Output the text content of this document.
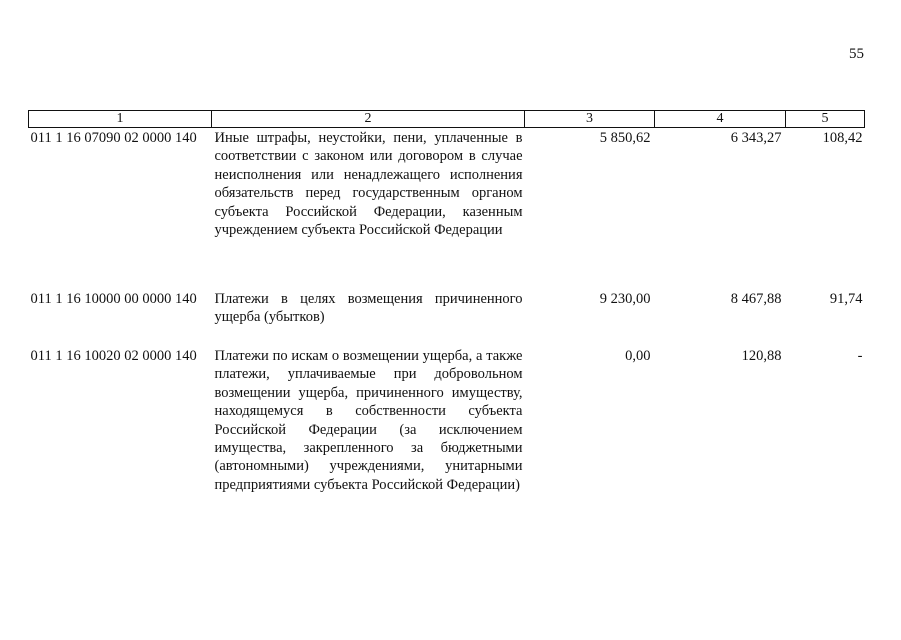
55
1	2	3	4	5
011 1 16 07090 02 0000 140	Иные штрафы, неустойки, пени, уплаченные в соответствии с законом или договором в случае неисполнения или ненадлежащего исполнения обязательств перед государственным органом субъекта Российской Федерации, казенным учреждением субъекта Российской Федерации	5 850,62	6 343,27	108,42
011 1 16 10000 00 0000 140	Платежи в целях возмещения причиненного ущерба (убытков)	9 230,00	8 467,88	91,74
011 1 16 10020 02 0000 140	Платежи по искам о возмещении ущерба, а также платежи, уплачиваемые при добровольном возмещении ущерба, причиненного имуществу, находящемуся в собственности субъекта Российской Федерации (за исключением имущества, закрепленного за бюджетными (автономными) учреждениями, унитарными предприятиями субъекта Российской Федерации)	0,00	120,88	-
